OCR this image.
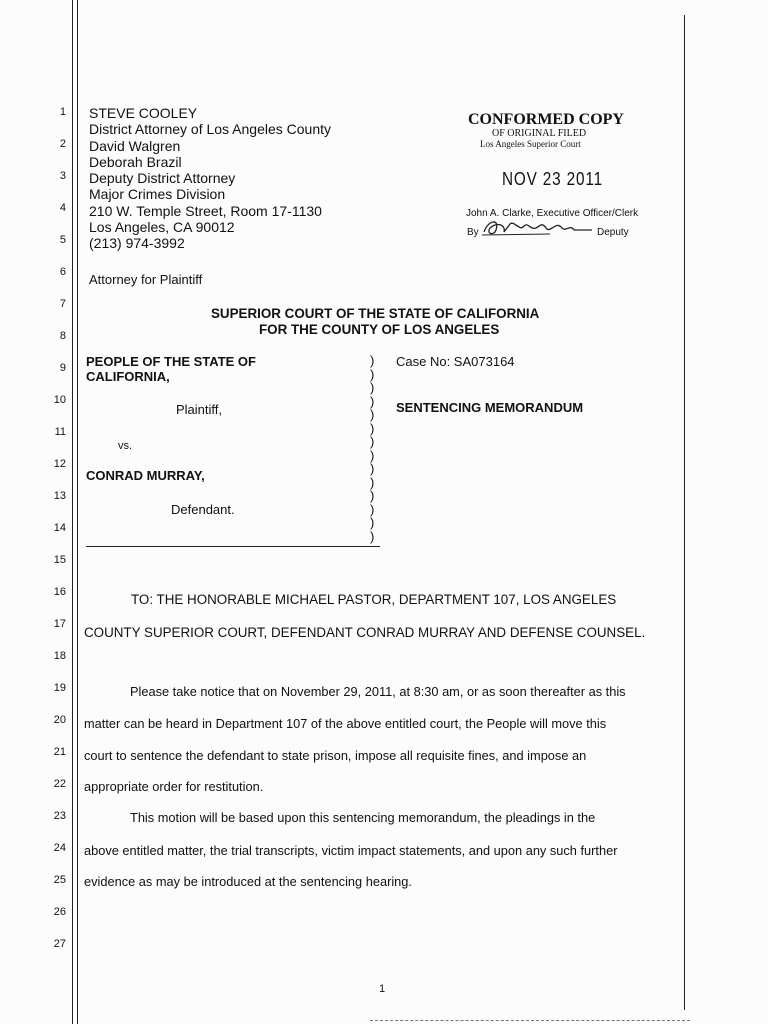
1
2
3
4
5
6
7
8
9
10
11
12
13
14
15
16
17
18
19
20
21
22
23
24
25
26
27
STEVE COOLEY
District Attorney of Los Angeles County
David Walgren
Deborah Brazil
Deputy District Attorney
Major Crimes Division
210 W. Temple Street, Room 17-1130
Los Angeles, CA 90012
(213) 974-3992
Attorney for Plaintiff
CONFORMED COPY
OF ORIGINAL FILED
Los Angeles Superior Court
NOV 23 2011
John A. Clarke, Executive Officer/Clerk
By	Deputy
SUPERIOR COURT OF THE STATE OF CALIFORNIA
FOR THE COUNTY OF LOS ANGELES
PEOPLE OF THE STATE OF
CALIFORNIA,
Plaintiff,
vs.
CONRAD MURRAY,
Defendant.
)
)
)
)
)
)
)
)
)
)
)
)
)
)
Case No: SA073164
SENTENCING MEMORANDUM
TO: THE HONORABLE MICHAEL PASTOR, DEPARTMENT 107, LOS ANGELES
COUNTY SUPERIOR COURT, DEFENDANT CONRAD MURRAY AND DEFENSE COUNSEL.
Please take notice that on November 29, 2011, at 8:30 am, or as soon thereafter as this
matter can be heard in Department 107 of the above entitled court, the People will move this
court to sentence the defendant to state prison, impose all requisite fines, and impose an
appropriate order for restitution.
This motion will be based upon this sentencing memorandum, the pleadings in the
above entitled matter, the trial transcripts, victim impact statements, and upon any such further
evidence as may be introduced at the sentencing hearing.
1
